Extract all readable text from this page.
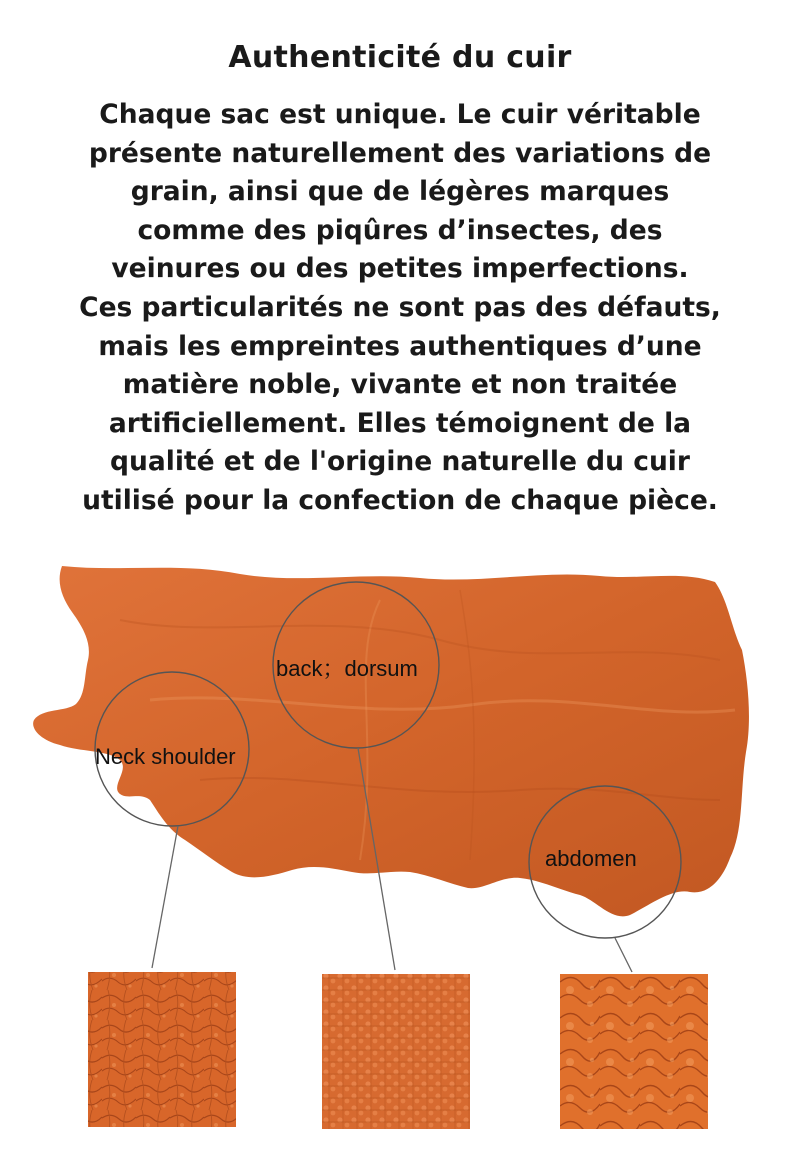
Authenticité du cuir

Chaque sac est unique. Le cuir véritable
présente naturellement des variations de
grain, ainsi que de légères marques
comme des piqûres d’insectes, des
veinures ou des petites imperfections.
Ces particularités ne sont pas des défauts,
mais les empreintes authentiques d’une
matière noble, vivante et non traitée
artificiellement. Elles témoignent de la
qualité et de l'origine naturelle du cuir
utilisé pour la confection de chaque pièce.

Neck shoulder
back；dorsum
abdomen
